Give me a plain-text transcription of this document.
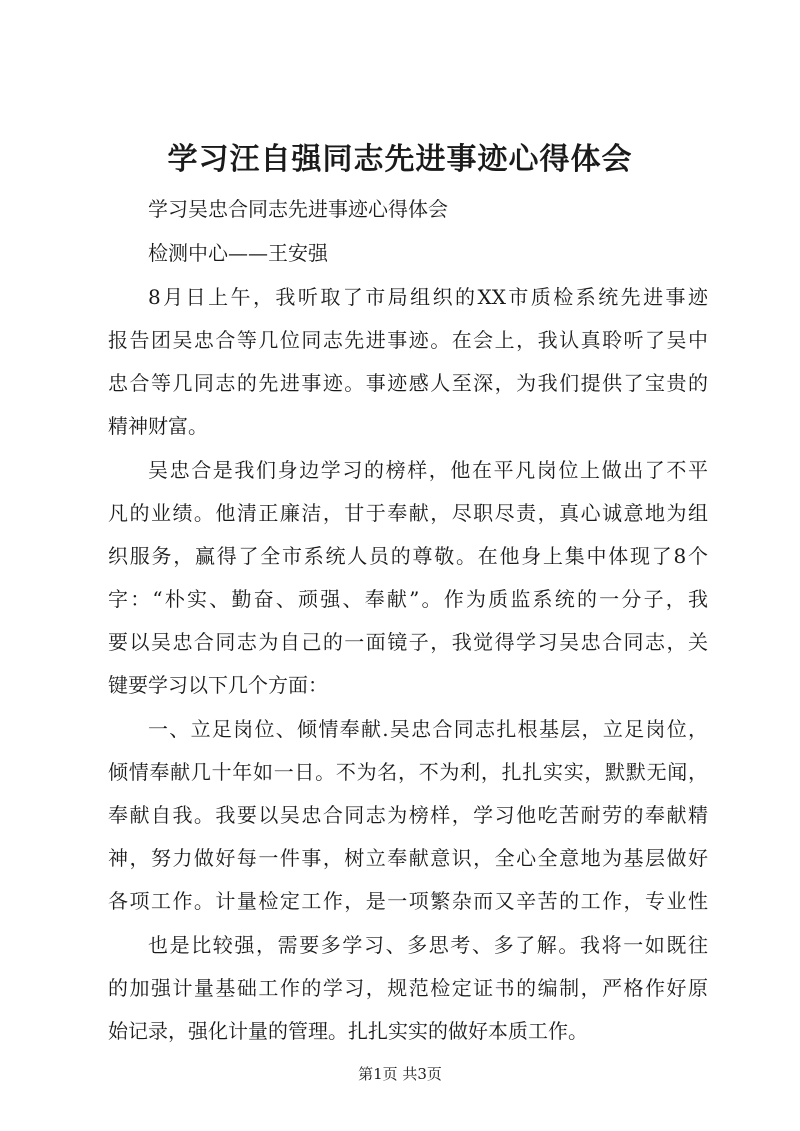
学习汪自强同志先进事迹心得体会
学习吴忠合同志先进事迹心得体会
检测中心——王安强
8月日上午，我听取了市局组织的XX市质检系统先进事迹
报告团吴忠合等几位同志先进事迹。在会上，我认真聆听了吴中
忠合等几同志的先进事迹。事迹感人至深，为我们提供了宝贵的
精神财富。
吴忠合是我们身边学习的榜样，他在平凡岗位上做出了不平
凡的业绩。他清正廉洁，甘于奉献，尽职尽责，真心诚意地为组
织服务，赢得了全市系统人员的尊敬。在他身上集中体现了8个
字：“朴实、勤奋、顽强、奉献”。作为质监系统的一分子，我
要以吴忠合同志为自己的一面镜子，我觉得学习吴忠合同志，关
键要学习以下几个方面：
一、立足岗位、倾情奉献.吴忠合同志扎根基层，立足岗位，
倾情奉献几十年如一日。不为名，不为利，扎扎实实，默默无闻，
奉献自我。我要以吴忠合同志为榜样，学习他吃苦耐劳的奉献精
神，努力做好每一件事，树立奉献意识，全心全意地为基层做好
各项工作。计量检定工作，是一项繁杂而又辛苦的工作，专业性
也是比较强，需要多学习、多思考、多了解。我将一如既往
的加强计量基础工作的学习，规范检定证书的编制，严格作好原
始记录，强化计量的管理。扎扎实实的做好本质工作。
第1页 共3页
